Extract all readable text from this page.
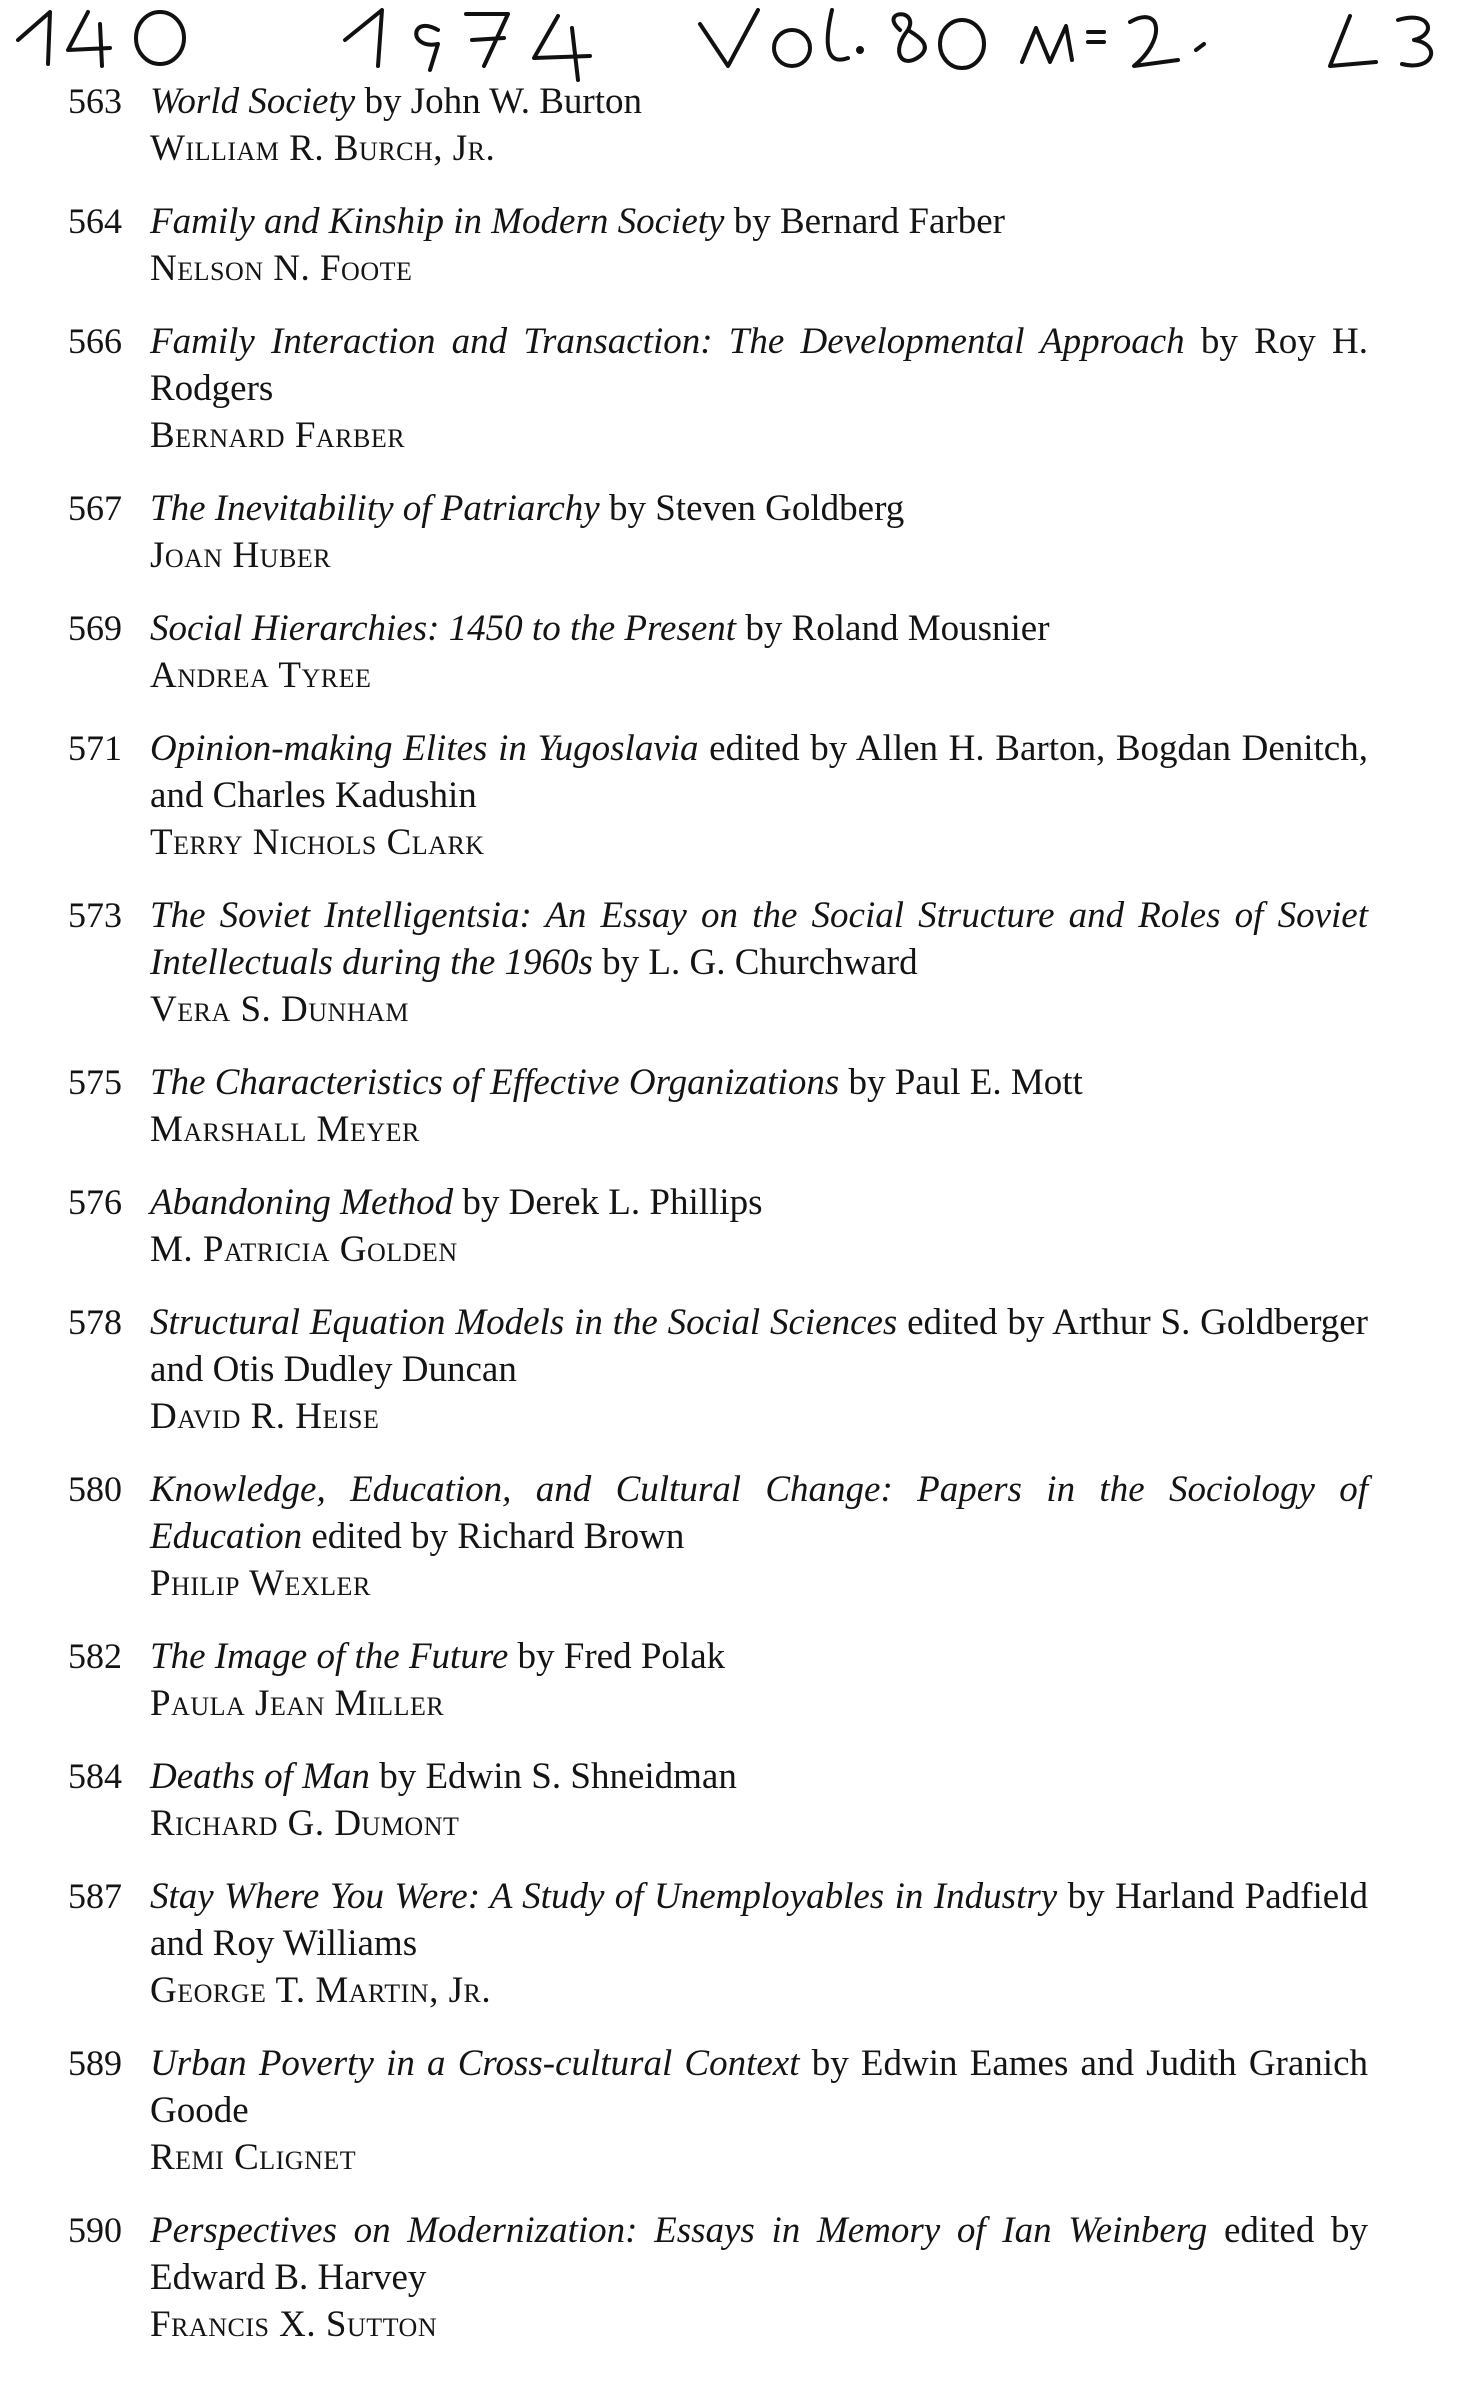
563 World Society by John W. Burton
William R. Burch, Jr.
564 Family and Kinship in Modern Society by Bernard Farber
Nelson N. Foote
566 Family Interaction and Transaction: The Developmental Approach by Roy H. Rodgers
Bernard Farber
567 The Inevitability of Patriarchy by Steven Goldberg
Joan Huber
569 Social Hierarchies: 1450 to the Present by Roland Mousnier
Andrea Tyree
571 Opinion-making Elites in Yugoslavia edited by Allen H. Barton, Bogdan Denitch, and Charles Kadushin
Terry Nichols Clark
573 The Soviet Intelligentsia: An Essay on the Social Structure and Roles of Soviet Intellectuals during the 1960s by L. G. Churchward
Vera S. Dunham
575 The Characteristics of Effective Organizations by Paul E. Mott
Marshall Meyer
576 Abandoning Method by Derek L. Phillips
M. Patricia Golden
578 Structural Equation Models in the Social Sciences edited by Arthur S. Goldberger and Otis Dudley Duncan
David R. Heise
580 Knowledge, Education, and Cultural Change: Papers in the Sociology of Education edited by Richard Brown
Philip Wexler
582 The Image of the Future by Fred Polak
Paula Jean Miller
584 Deaths of Man by Edwin S. Shneidman
Richard G. Dumont
587 Stay Where You Were: A Study of Unemployables in Industry by Harland Padfield and Roy Williams
George T. Martin, Jr.
589 Urban Poverty in a Cross-cultural Context by Edwin Eames and Judith Granich Goode
Remi Clignet
590 Perspectives on Modernization: Essays in Memory of Ian Weinberg edited by Edward B. Harvey
Francis X. Sutton
